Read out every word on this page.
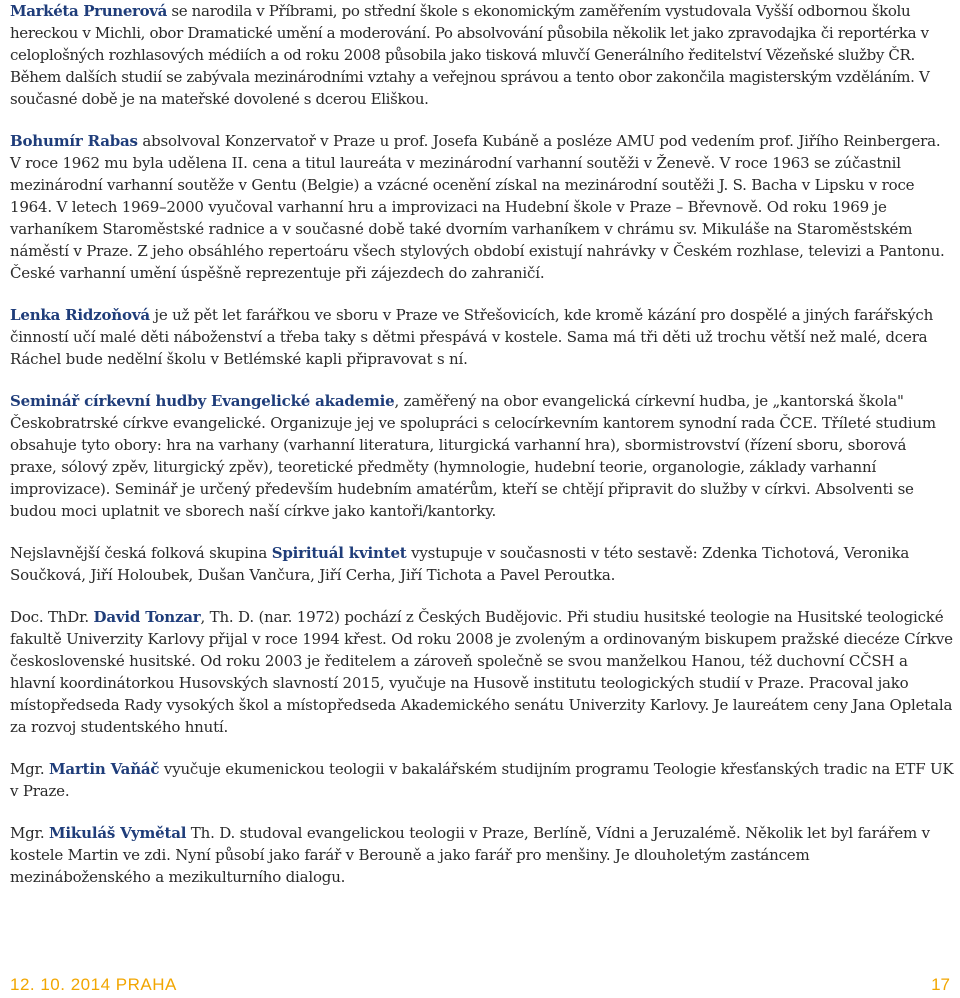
Markéta Prunerová se narodila v Příbrami, po střední škole s ekonomickým zaměřením vystudovala Vyšší odbornou školu hereckou v Michli, obor Dramatické umění a moderování. Po absolvování působila několik let jako zpravodajka či reportérka v celoplošných rozhlasových médiích a od roku 2008 působila jako tisková mluvčí Generálního ředitelství Vězeňské služby ČR. Během dalších studií se zabývala mezinárodními vztahy a veřejnou správou a tento obor zakončila magisterským vzděláním. V současné době je na mateřské dovolené s dcerou Eliškou.

Bohumír Rabas absolvoval Konzervatoř v Praze u prof. Josefa Kubáně a posléze AMU pod vedením prof. Jiřího Reinbergera. V roce 1962 mu byla udělena II. cena a titul laureáta v mezinárodní varhanní soutěži v Ženevě. V roce 1963 se zúčastnil mezinárodní varhanní soutěže v Gentu (Belgie) a vzácné ocenění získal na mezinárodní soutěži J. S. Bacha v Lipsku v roce 1964. V letech 1969–2000 vyučoval varhanní hru a improvizaci na Hudební škole v Praze – Břevnově. Od roku 1969 je varhaníkem Staroměstské radnice a v současné době také dvorním varhaníkem v chrámu sv. Mikuláše na Staroměstském náměstí v Praze. Z jeho obsáhlého repertoáru všech stylových období existují nahrávky v Českém rozhlase, televizi a Pantonu. České varhanní umění úspěšně reprezentuje při zájezdech do zahraničí.

Lenka Ridzoňová je už pět let farářkou ve sboru v Praze ve Střešovicích, kde kromě kázání pro dospělé a jiných farářských činností učí malé děti náboženství a třeba taky s dětmi přespává v kostele. Sama má tři děti už trochu větší než malé, dcera Ráchel bude nedělní školu v Betlémské kapli připravovat s ní.

Seminář církevní hudby Evangelické akademie, zaměřený na obor evangelická církevní hudba, je „kantorská škola" Českobratrské církve evangelické. Organizuje jej ve spolupráci s celocírkevním kantorem synodní rada ČCE. Tříleté studium obsahuje tyto obory: hra na varhany (varhanní literatura, liturgická varhanní hra), sbormistrovství (řízení sboru, sborová praxe, sólový zpěv, liturgický zpěv), teoretické předměty (hymnologie, hudební teorie, organologie, základy varhanní improvizace). Seminář je určený především hudebním amatérům, kteří se chtějí připravit do služby v církvi. Absolventi se budou moci uplatnit ve sborech naší církve jako kantoři/kantorky.

Nejslavnější česká folková skupina Spirituál kvintet vystupuje v současnosti v této sestavě: Zdenka Tichotová, Veronika Součková, Jiří Holoubek, Dušan Vančura, Jiří Cerha, Jiří Tichota a Pavel Peroutka.

Doc. ThDr. David Tonzar, Th. D. (nar. 1972) pochází z Českých Budějovic. Při studiu husitské teologie na Husitské teologické fakultě Univerzity Karlovy přijal v roce 1994 křest. Od roku 2008 je zvoleným a ordinovaným biskupem pražské diecéze Církve československé husitské. Od roku 2003 je ředitelem a zároveň společně se svou manželkou Hanou, též duchovní CČSH a hlavní koordinátorkou Husovských slavností 2015, vyučuje na Husově institutu teologických studií v Praze. Pracoval jako místopředseda Rady vysokých škol a místopředseda Akademického senátu Univerzity Karlovy. Je laureátem ceny Jana Opletala za rozvoj studentského hnutí.

Mgr. Martin Vaňáč vyučuje ekumenickou teologii v bakalářském studijním programu Teologie křesťanských tradic na ETF UK v Praze.

Mgr. Mikuláš Vymětal Th. D. studoval evangelickou teologii v Praze, Berlíně, Vídni a Jeruzalémě. Několik let byl farářem v kostele Martin ve zdi. Nyní působí jako farář v Berouně a jako farář pro menšiny. Je dlouholetým zastáncem mezináboženského a mezikulturního dialogu.

12. 10. 2014 PRAHA	17
